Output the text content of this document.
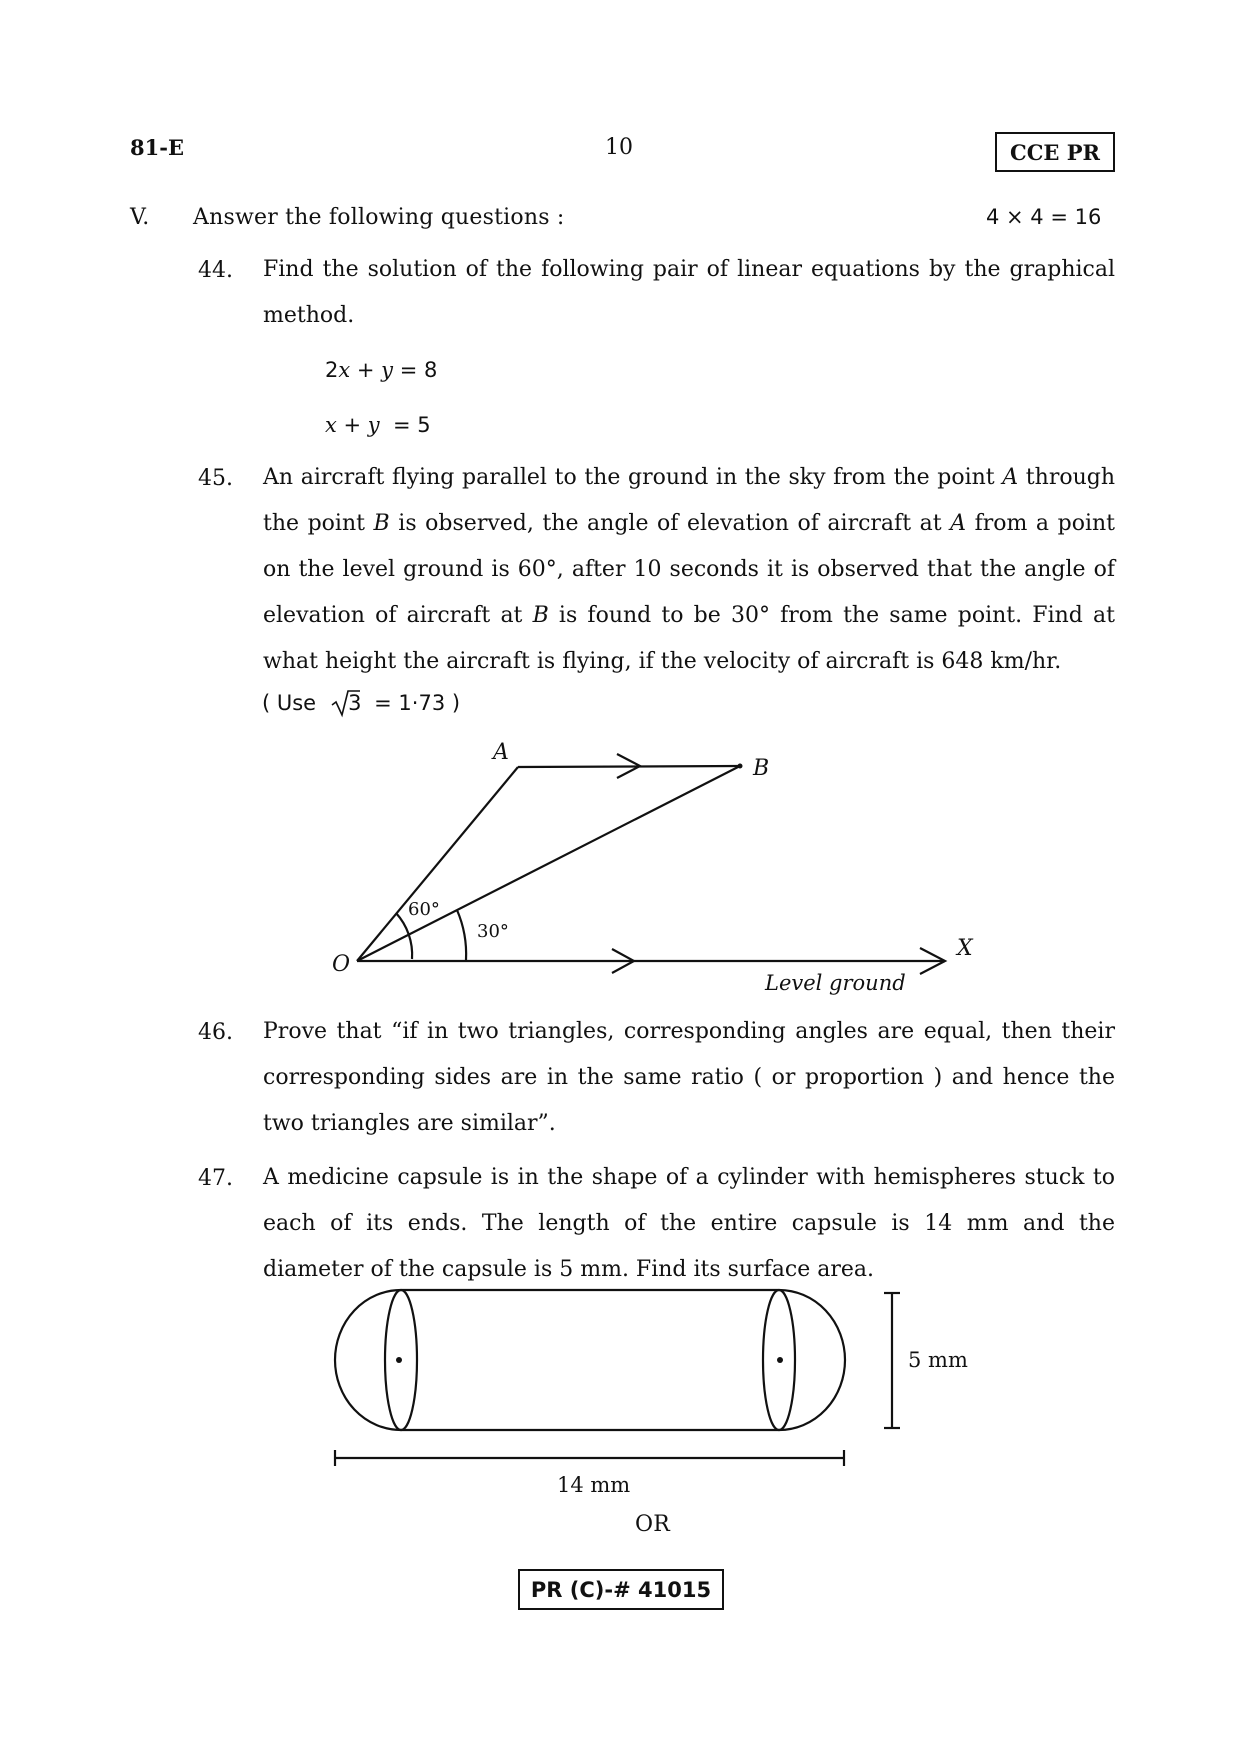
81-E	10	CCE PR
V. Answer the following questions :	4 × 4 = 16
44. Find the solution of the following pair of linear equations by the graphical method.
2x + y = 8
x + y  = 5
45. An aircraft flying parallel to the ground in the sky from the point A through the point B is observed, the angle of elevation of aircraft at A from a point on the level ground is 60°, after 10 seconds it is observed that the angle of elevation of aircraft at B is found to be 30° from the same point. Find at what height the aircraft is flying, if the velocity of aircraft is 648 km/hr.
( Use 3 = 1·73 )
A
B
O
X
60°
30°
Level ground
46. Prove that “if in two triangles, corresponding angles are equal, then their corresponding sides are in the same ratio ( or proportion ) and hence the two triangles are similar”.
47. A medicine capsule is in the shape of a cylinder with hemispheres stuck to each of its ends. The length of the entire capsule is 14 mm and the diameter of the capsule is 5 mm. Find its surface area.
5 mm
14 mm
OR
PR (C)-# 41015
